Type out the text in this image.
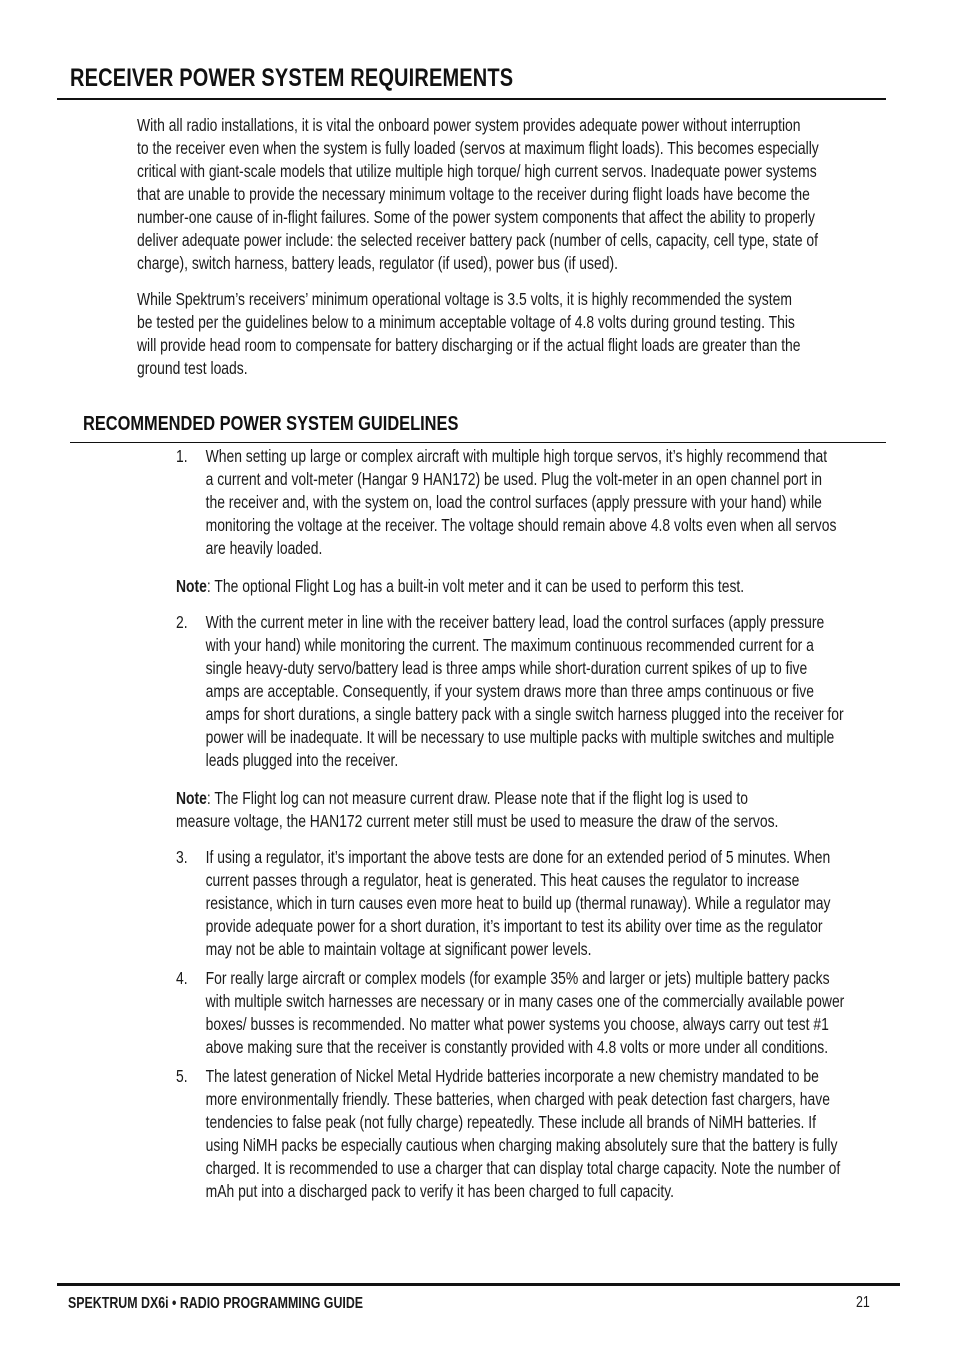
RECEIVER POWER SYSTEM REQUIREMENTS

With all radio installations, it is vital the onboard power system provides adequate power without interruption
to the receiver even when the system is fully loaded (servos at maximum flight loads). This becomes especially
critical with giant-scale models that utilize multiple high torque/ high current servos. Inadequate power systems
that are unable to provide the necessary minimum voltage to the receiver during flight loads have become the
number-one cause of in-flight failures. Some of the power system components that affect the ability to properly
deliver adequate power include: the selected receiver battery pack (number of cells, capacity, cell type, state of
charge), switch harness, battery leads, regulator (if used), power bus (if used).

While Spektrum’s receivers’ minimum operational voltage is 3.5 volts, it is highly recommended the system
be tested per the guidelines below to a minimum acceptable voltage of 4.8 volts during ground testing. This
will provide head room to compensate for battery discharging or if the actual flight loads are greater than the
ground test loads.

RECOMMENDED POWER SYSTEM GUIDELINES
1. When setting up large or complex aircraft with multiple high torque servos, it’s highly recommend that
a current and volt-meter (Hangar 9 HAN172) be used. Plug the volt-meter in an open channel port in
the receiver and, with the system on, load the control surfaces (apply pressure with your hand) while
monitoring the voltage at the receiver. The voltage should remain above 4.8 volts even when all servos
are heavily loaded.

Note: The optional Flight Log has a built-in volt meter and it can be used to perform this test.

2. With the current meter in line with the receiver battery lead, load the control surfaces (apply pressure
with your hand) while monitoring the current. The maximum continuous recommended current for a
single heavy-duty servo/battery lead is three amps while short-duration current spikes of up to five
amps are acceptable. Consequently, if your system draws more than three amps continuous or five
amps for short durations, a single battery pack with a single switch harness plugged into the receiver for
power will be inadequate. It will be necessary to use multiple packs with multiple switches and multiple
leads plugged into the receiver.

Note: The Flight log can not measure current draw. Please note that if the flight log is used to
measure voltage, the HAN172 current meter still must be used to measure the draw of the servos.

3. If using a regulator, it’s important the above tests are done for an extended period of 5 minutes. When
current passes through a regulator, heat is generated. This heat causes the regulator to increase
resistance, which in turn causes even more heat to build up (thermal runaway). While a regulator may
provide adequate power for a short duration, it’s important to test its ability over time as the regulator
may not be able to maintain voltage at significant power levels.
4. For really large aircraft or complex models (for example 35% and larger or jets) multiple battery packs
with multiple switch harnesses are necessary or in many cases one of the commercially available power
boxes/ busses is recommended. No matter what power systems you choose, always carry out test #1
above making sure that the receiver is constantly provided with 4.8 volts or more under all conditions.
5. The latest generation of Nickel Metal Hydride batteries incorporate a new chemistry mandated to be
more environmentally friendly. These batteries, when charged with peak detection fast chargers, have
tendencies to false peak (not fully charge) repeatedly. These include all brands of NiMH batteries. If
using NiMH packs be especially cautious when charging making absolutely sure that the battery is fully
charged. It is recommended to use a charger that can display total charge capacity. Note the number of
mAh put into a discharged pack to verify it has been charged to full capacity.
SPEKTRUM DX6i • RADIO PROGRAMMING GUIDE	21
